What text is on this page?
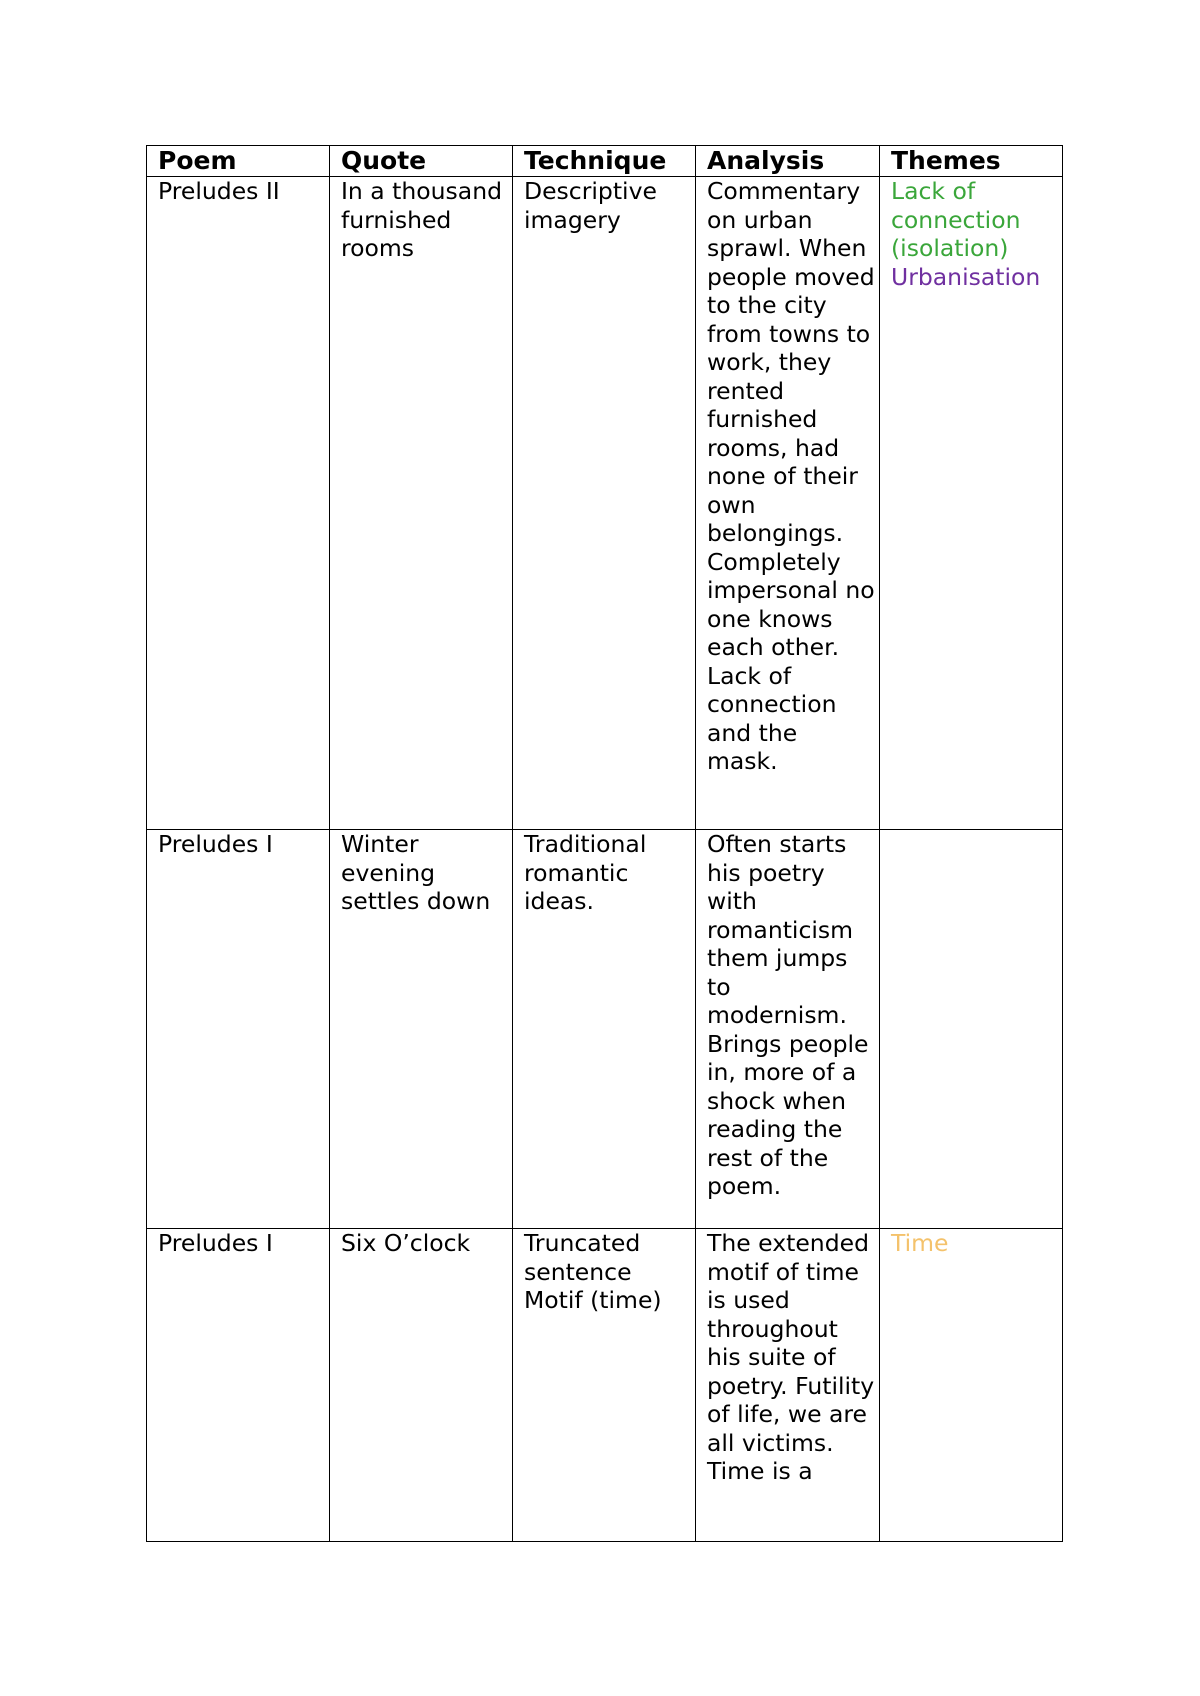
Poem	Quote	Technique	Analysis	Themes
Preludes II	In a thousand furnished rooms	Descriptive imagery	Commentary on urban sprawl. When people moved to the city from towns to work, they rented furnished rooms, had none of their own belongings. Completely impersonal no one knows each other. Lack of connection and the mask.	Lack of connection (isolation)
Urbanisation

Preludes I	Winter evening settles down	Traditional romantic ideas.	Often starts his poetry with romanticism them jumps to modernism. Brings people in, more of a shock when reading the rest of the poem.	
Preludes I	Six O’clock	Truncated sentence Motif (time)	The extended motif of time is used throughout his suite of poetry. Futility of life, we are all victims. Time is a	Time
